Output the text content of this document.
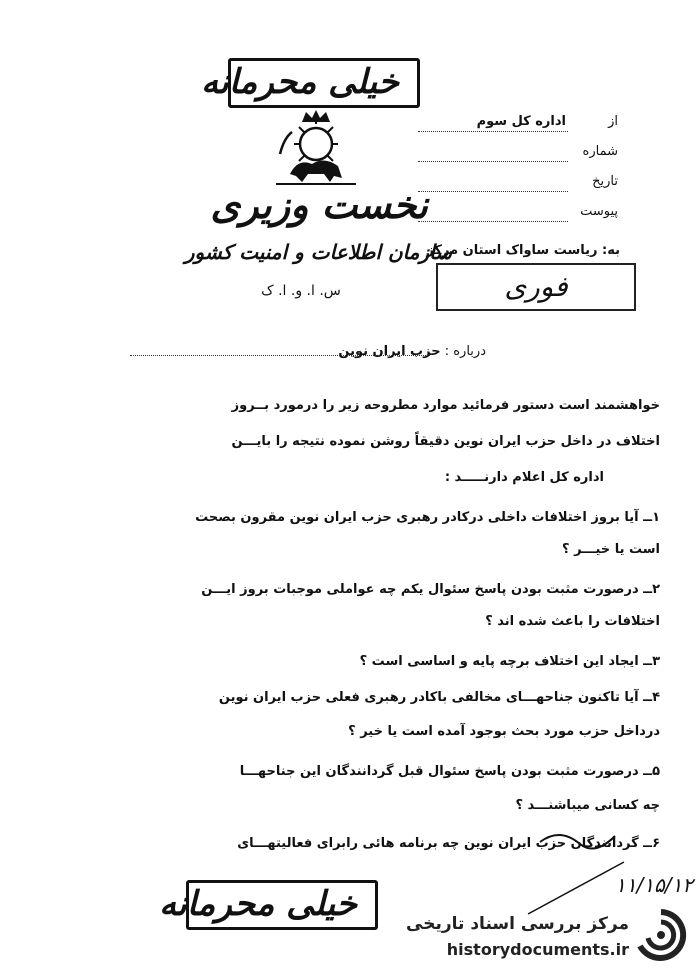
خیلی محرمانه
نخست وزیری
سازمان اطلاعات و امنیت کشور
س. ا. و. ا. ک
ازاداره کل سوم
شماره
تاریخ
پیوست
به: ریاست ساواک استان مرکز
فوری
درباره : حزب ایران نوین
خواهشمند است دستور فرمائید موارد مطروحه زیر را درمورد بــروز
اختلاف در داخل حزب ایران نوین دقیقاً روشن نموده نتیجه را بایـــن
اداره کل اعلام دارنـــــد :
۱ــ آیا بروز اختلافات داخلی درکادر رهبری حزب ایران نوین مقرون بصحت
است یا خیـــر ؟
۲ــ درصورت مثبت بودن پاسخ سئوال یکم چه عواملی موجبات بروز ایـــن
اختلافات را باعث شده اند ؟
۳ــ ایجاد این اختلاف برچه پایه و اساسی است ؟
۴ــ آیا تاکنون جناحهـــای مخالفی باکادر رهبری فعلی حزب ایران نوین
درداخل حزب مورد بحث بوجود آمده است یا خیر ؟
۵ــ درصورت مثبت بودن پاسخ سئوال قبل گردانندگان این جناحهـــا
چه کسانی میباشنـــد ؟
۶ــ گردانندگان حزب ایران نوین چه برنامه هائی رابرای فعالیتهـــای
۱۱/۱۵/۱۲
خیلی محرمانه	مرکز بررسی اسناد تاریخی
historydocuments.ir
